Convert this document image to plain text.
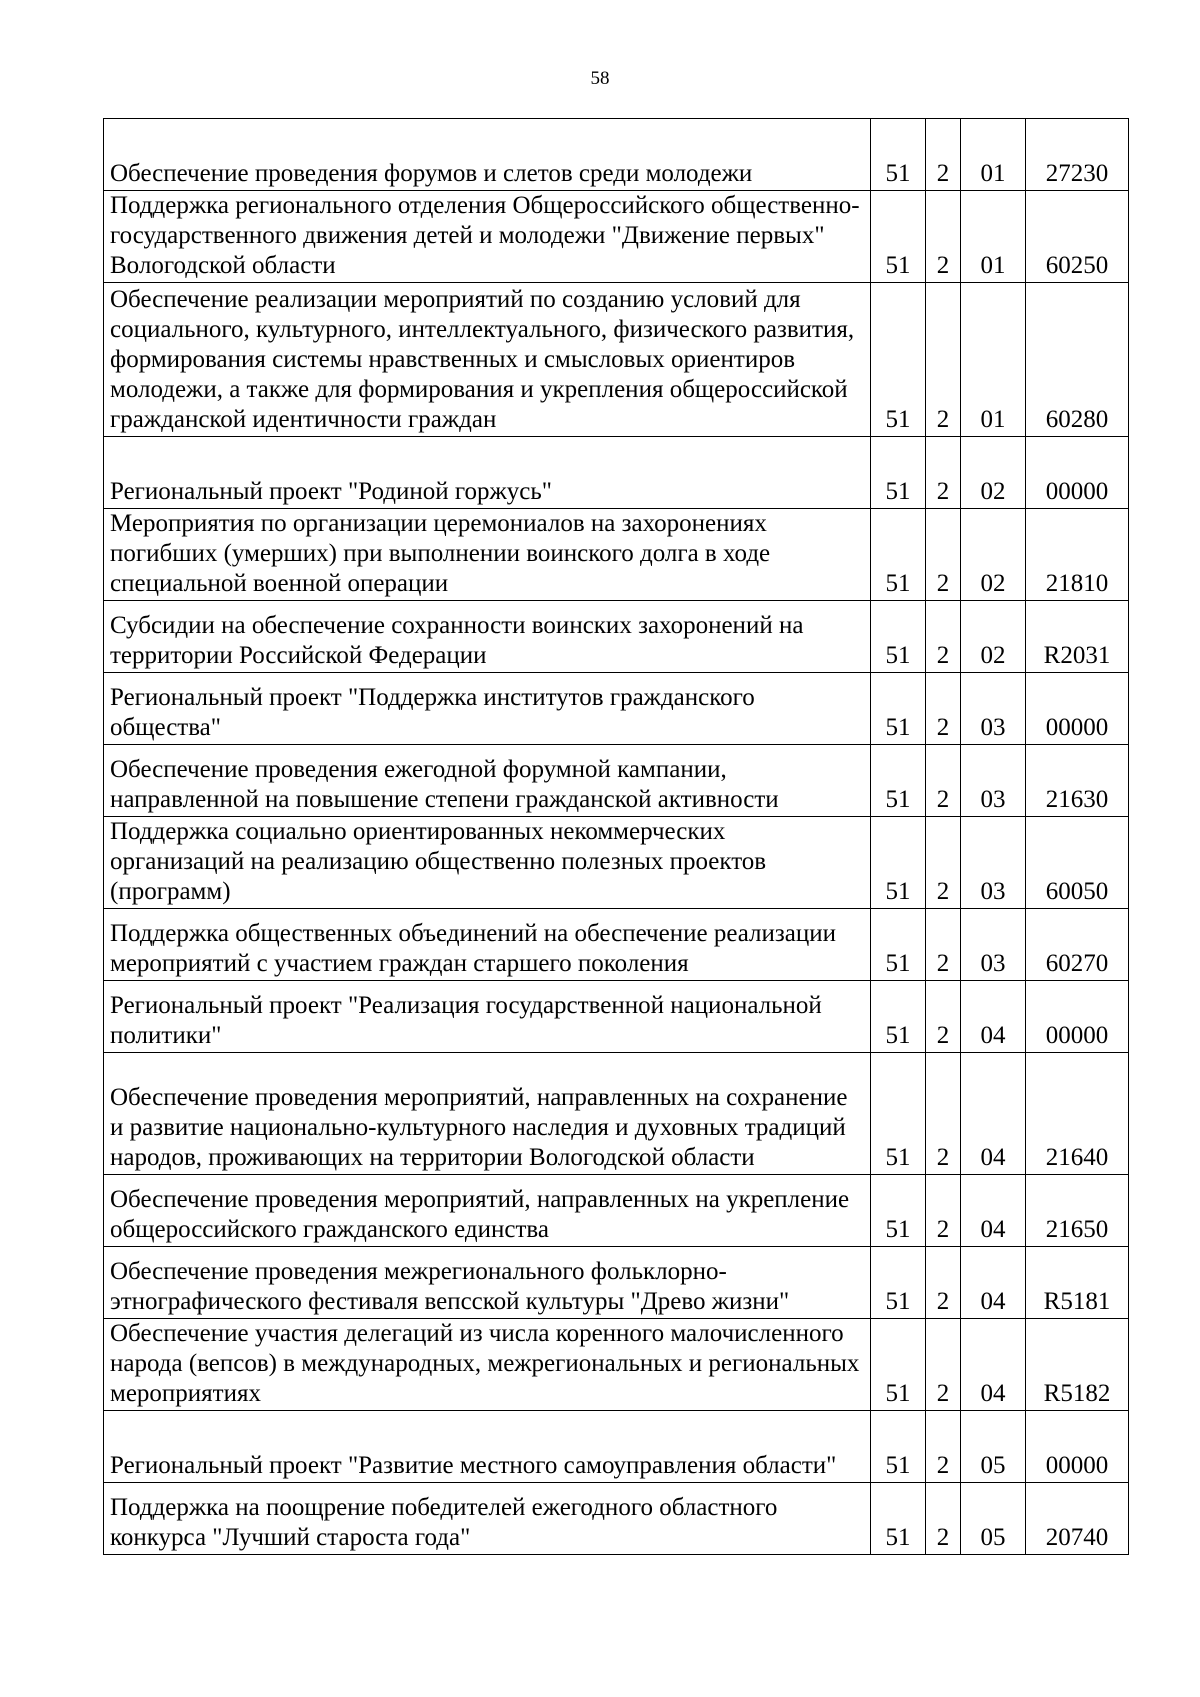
58
Обеспечение проведения форумов и слетов среди молодежи	51	2	01	27230
Поддержка регионального отделения Общероссийского общественно-государственного движения детей и молодежи "Движение первых" Вологодской области	51	2	01	60250
Обеспечение реализации мероприятий по созданию условий для социального, культурного, интеллектуального, физического развития, формирования системы нравственных и смысловых ориентиров молодежи, а также для формирования и укрепления общероссийской гражданской идентичности граждан	51	2	01	60280
Региональный проект "Родиной горжусь"	51	2	02	00000
Мероприятия по организации церемониалов на захоронениях погибших (умерших) при выполнении воинского долга в ходе специальной военной операции	51	2	02	21810
Субсидии на обеспечение сохранности воинских захоронений на территории Российской Федерации	51	2	02	R2031
Региональный проект "Поддержка институтов гражданского общества"	51	2	03	00000
Обеспечение проведения ежегодной форумной кампании, направленной на повышение степени гражданской активности	51	2	03	21630
Поддержка социально ориентированных некоммерческих организаций на реализацию общественно полезных проектов (программ)	51	2	03	60050
Поддержка общественных объединений на обеспечение реализации мероприятий с участием граждан старшего поколения	51	2	03	60270
Региональный проект "Реализация государственной национальной политики"	51	2	04	00000
Обеспечение проведения мероприятий, направленных на сохранение и развитие национально-культурного наследия и духовных традиций народов, проживающих на территории Вологодской области	51	2	04	21640
Обеспечение проведения мероприятий, направленных на укрепление общероссийского гражданского единства	51	2	04	21650
Обеспечение проведения межрегионального фольклорно-этнографического фестиваля вепсской культуры "Древо жизни"	51	2	04	R5181
Обеспечение участия делегаций из числа коренного малочисленного народа (вепсов) в международных, межрегиональных и региональных мероприятиях	51	2	04	R5182
Региональный проект "Развитие местного самоуправления области"	51	2	05	00000
Поддержка на поощрение победителей ежегодного областного конкурса "Лучший староста года"	51	2	05	20740
